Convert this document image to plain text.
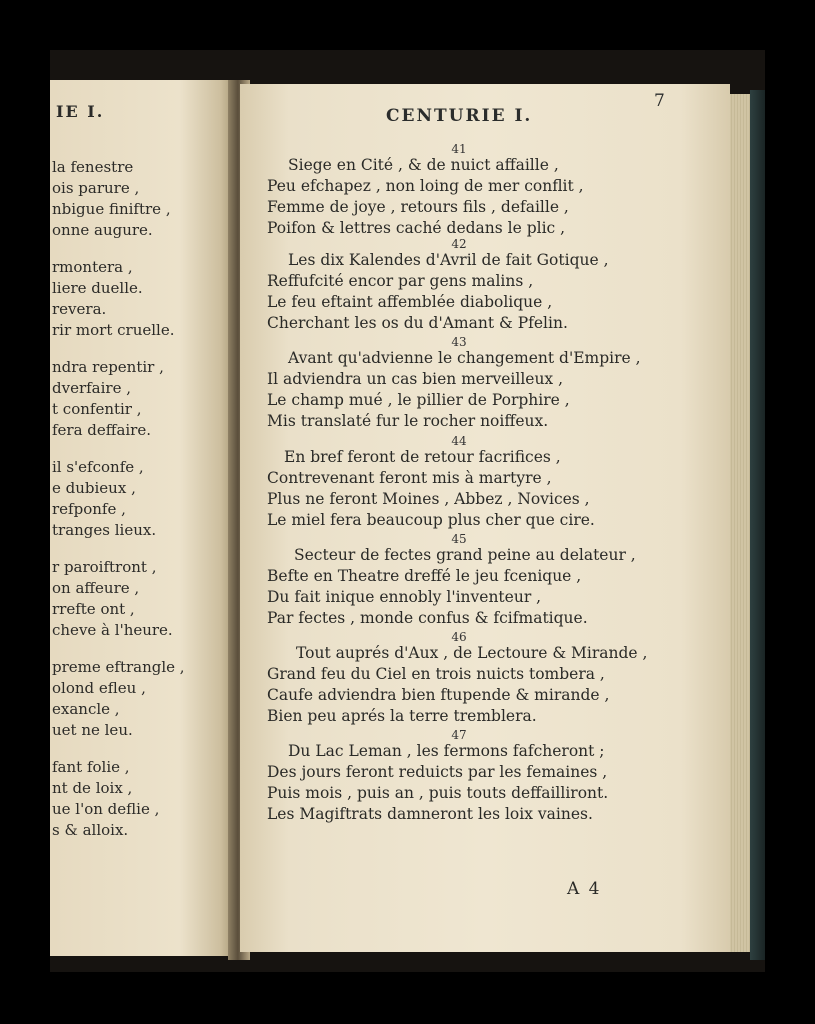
IE I.
la fenestre
ois parure ,
nbigue finiftre ,
onne augure.
rmontera ,
liere duelle.
revera.
rir mort cruelle.
ndra repentir ,
dverfaire ,
t confentir ,
fera deffaire.
il s'efconfe ,
e dubieux ,
refponfe ,
tranges lieux.
r paroiftront ,
on affeure ,
rrefte ont ,
cheve à l'heure.
preme eftrangle ,
olond efleu ,
exancle ,
uet ne leu.
fant folie ,
nt de loix ,
ue l'on deflie ,
s & alloix.
CENTURIE I.
7
41
Siege en Cité , & de nuict affaille ,
Peu efchapez , non loing de mer conflit ,
Femme de joye , retours fils , defaille ,
Poifon & lettres caché dedans le plic ,
42
Les dix Kalendes d'Avril de fait Gotique ,
Reffufcité encor par gens malins ,
Le feu eftaint affemblée diabolique ,
Cherchant les os du d'Amant & Pfelin.
43
Avant qu'advienne le changement d'Empire ,
Il adviendra un cas bien merveilleux ,
Le champ mué , le pillier de Porphire ,
Mis translaté fur le rocher noiffeux.
44
En bref feront de retour facrifices ,
Contrevenant feront mis à martyre ,
Plus ne feront Moines , Abbez , Novices ,
Le miel fera beaucoup plus cher que cire.
45
Secteur de fectes grand peine au delateur ,
Befte en Theatre dreffé le jeu fcenique ,
Du fait inique ennobly l'inventeur ,
Par fectes , monde confus & fcifmatique.
46
Tout auprés d'Aux , de Lectoure & Mirande ,
Grand feu du Ciel en trois nuicts tombera ,
Caufe adviendra bien ftupende & mirande ,
Bien peu aprés la terre tremblera.
47
Du Lac Leman , les fermons fafcheront ;
Des jours feront reduicts par les femaines ,
Puis mois , puis an , puis touts deffailliront.
Les Magiftrats damneront les loix vaines.
A 4
